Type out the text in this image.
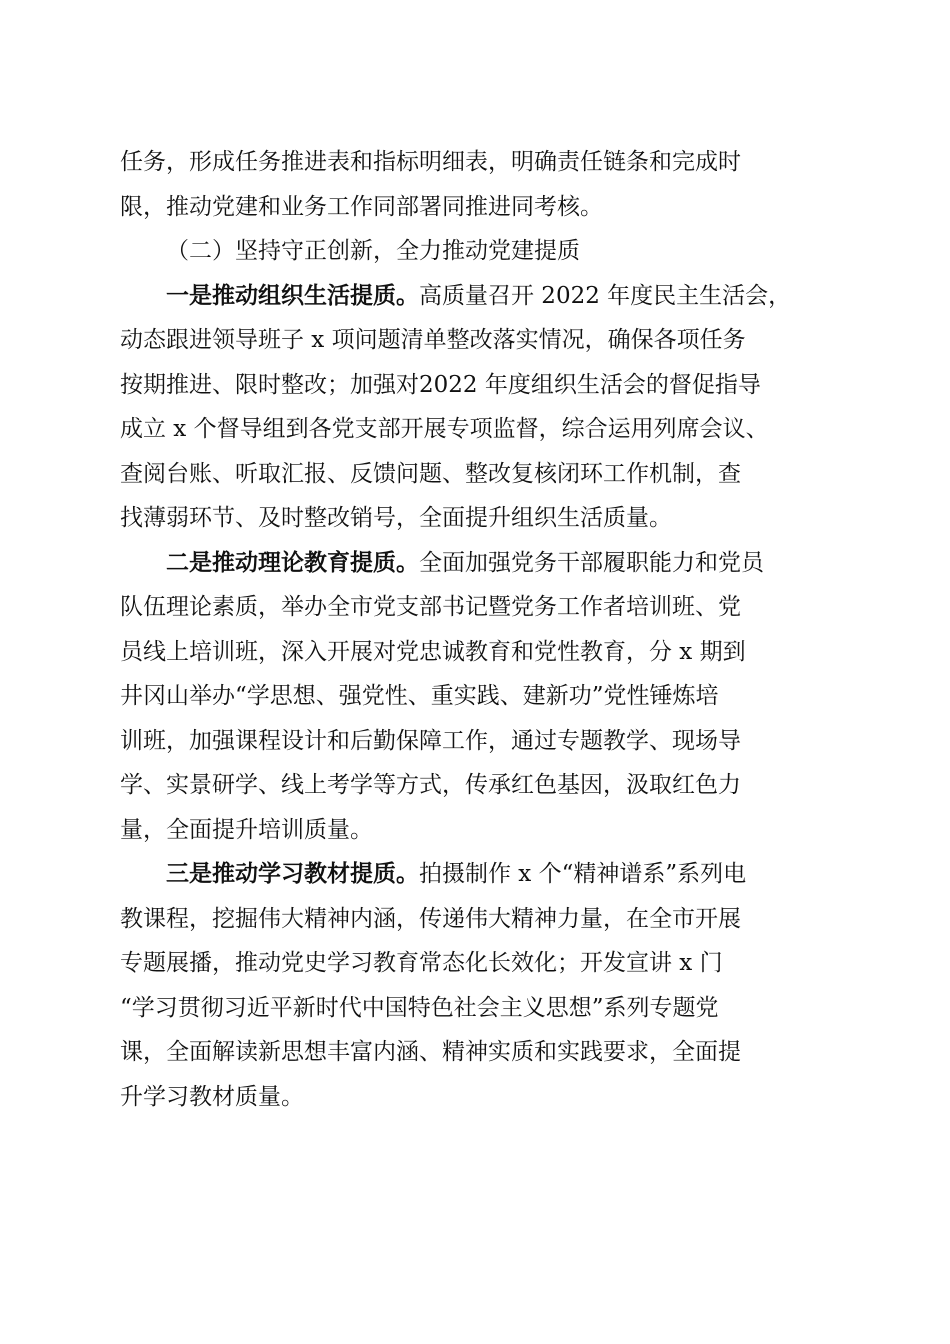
任务，形成任务推进表和指标明细表，明确责任链条和完成时
限，推动党建和业务工作同部署同推进同考核。

（二）坚持守正创新，全力推动党建提质

一是推动组织生活提质。高质量召开 2022 年度民主生活会，
动态跟进领导班子 x 项问题清单整改落实情况，确保各项任务
按期推进、限时整改；加强对2022 年度组织生活会的督促指导
成立 x 个督导组到各党支部开展专项监督，综合运用列席会议、
查阅台账、听取汇报、反馈问题、整改复核闭环工作机制，查
找薄弱环节、及时整改销号，全面提升组织生活质量。

二是推动理论教育提质。全面加强党务干部履职能力和党员
队伍理论素质，举办全市党支部书记暨党务工作者培训班、党
员线上培训班，深入开展对党忠诚教育和党性教育，分 x 期到
井冈山举办“学思想、强党性、重实践、建新功”党性锤炼培
训班，加强课程设计和后勤保障工作，通过专题教学、现场导
学、实景研学、线上考学等方式，传承红色基因，汲取红色力
量，全面提升培训质量。

三是推动学习教材提质。拍摄制作 x 个“精神谱系”系列电
教课程，挖掘伟大精神内涵，传递伟大精神力量，在全市开展
专题展播，推动党史学习教育常态化长效化；开发宣讲 x 门
“学习贯彻习近平新时代中国特色社会主义思想”系列专题党
课，全面解读新思想丰富内涵、精神实质和实践要求，全面提
升学习教材质量。
